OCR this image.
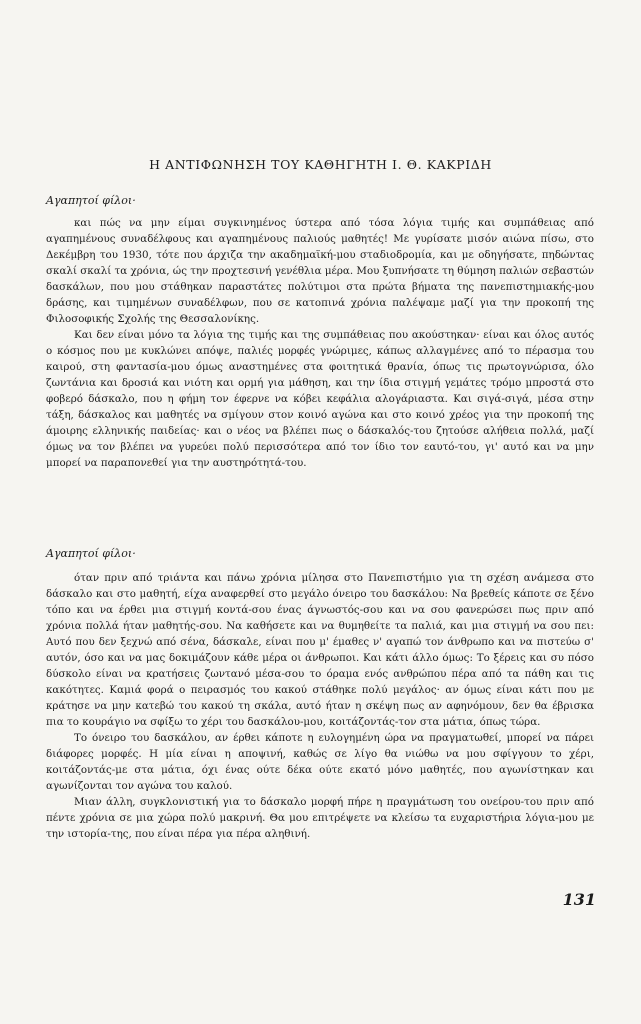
Η ΑΝΤΙΦΩΝΗΣΗ ΤΟΥ ΚΑΘΗΓΗΤΗ Ι. Θ. ΚΑΚΡΙΔΗ
Αγαπητοί φίλοι·

και πώς να μην είμαι συγκινημένος ύστερα από τόσα λόγια τιμής και συμπάθειας από αγαπημένους συναδέλφους και αγαπημένους παλιούς μαθητές! Με γυρίσατε μισόν αιώνα πίσω, στο Δεκέμβρη του 1930, τότε που άρχιζα την ακαδημαϊκή-μου σταδιοδρομία, και με οδηγήσατε, πηδώντας σκαλί σκαλί τα χρόνια, ώς την προχτεσινή γενέθλια μέρα. Μου ξυπνήσατε τη θύμηση παλιών σεβαστών δασκάλων, που μου στάθηκαν παραστάτες πολύτιμοι στα πρώτα βήματα της πανεπιστημιακής-μου δράσης, και τιμημένων συναδέλφων, που σε κατοπινά χρόνια παλέψαμε μαζί για την προκοπή της Φιλοσοφικής Σχολής της Θεσσαλονίκης.

Και δεν είναι μόνο τα λόγια της τιμής και της συμπάθειας που ακούστηκαν· είναι και όλος αυτός ο κόσμος που με κυκλώνει απόψε, παλιές μορφές γνώριμες, κάπως αλλαγμένες από το πέρασμα του καιρού, στη φαντασία-μου όμως αναστημένες στα φοιτητικά θρανία, όπως τις πρωτογνώρισα, όλο ζωντάνια και δροσιά και νιότη και ορμή για μάθηση, και την ίδια στιγμή γεμάτες τρόμο μπροστά στο φοβερό δάσκαλο, που η φήμη τον έφερνε να κόβει κεφάλια αλογάριαστα. Και σιγά-σιγά, μέσα στην τάξη, δάσκαλος και μαθητές να σμίγουν στον κοινό αγώνα και στο κοινό χρέος για την προκοπή της άμοιρης ελληνικής παιδείας· και ο νέος να βλέπει πως ο δάσκαλός-του ζητούσε αλήθεια πολλά, μαζί όμως να τον βλέπει να γυρεύει πολύ περισσότερα από τον ίδιο τον εαυτό-του, γι' αυτό και να μην μπορεί να παραπονεθεί για την αυστηρότητά-του.

Αγαπητοί φίλοι·

όταν πριν από τριάντα και πάνω χρόνια μίλησα στο Πανεπιστήμιο για τη σχέση ανάμεσα στο δάσκαλο και στο μαθητή, είχα αναφερθεί στο μεγάλο όνειρο του δασκάλου: Να βρεθείς κάποτε σε ξένο τόπο και να έρθει μια στιγμή κοντά-σου ένας άγνωστός-σου και να σου φανερώσει πως πριν από χρόνια πολλά ήταν μαθητής-σου. Να καθήσετε και να θυμηθείτε τα παλιά, και μια στιγμή να σου πει: Αυτό που δεν ξεχνώ από σένα, δάσκαλε, είναι που μ' έμαθες ν' αγαπώ τον άνθρωπο και να πιστεύω σ' αυτόν, όσο και να μας δοκιμάζουν κάθε μέρα οι άνθρωποι. Και κάτι άλλο όμως: Το ξέρεις και συ πόσο δύσκολο είναι να κρατήσεις ζωντανό μέσα-σου το όραμα ενός ανθρώπου πέρα από τα πάθη και τις κακότητες. Καμιά φορά ο πειρασμός του κακού στάθηκε πολύ μεγάλος· αν όμως είναι κάτι που με κράτησε να μην κατεβώ του κακού τη σκάλα, αυτό ήταν η σκέψη πως αν αφηνόμουν, δεν θα έβρισκα πια το κουράγιο να σφίξω το χέρι του δασκάλου-μου, κοιτάζοντάς-τον στα μάτια, όπως τώρα.

Το όνειρο του δασκάλου, αν έρθει κάποτε η ευλογημένη ώρα να πραγματωθεί, μπορεί να πάρει διάφορες μορφές. Η μία είναι η αποψινή, καθώς σε λίγο θα νιώθω να μου σφίγγουν το χέρι, κοιτάζοντάς-με στα μάτια, όχι ένας ούτε δέκα ούτε εκατό μόνο μαθητές, που αγωνίστηκαν και αγωνίζονται τον αγώνα του καλού.

Μιαν άλλη, συγκλονιστική για το δάσκαλο μορφή πήρε η πραγμάτωση του ονείρου-του πριν από πέντε χρόνια σε μια χώρα πολύ μακρινή. Θα μου επιτρέψετε να κλείσω τα ευχαριστήρια λόγια-μου με την ιστορία-της, που είναι πέρα για πέρα αληθινή.

131
